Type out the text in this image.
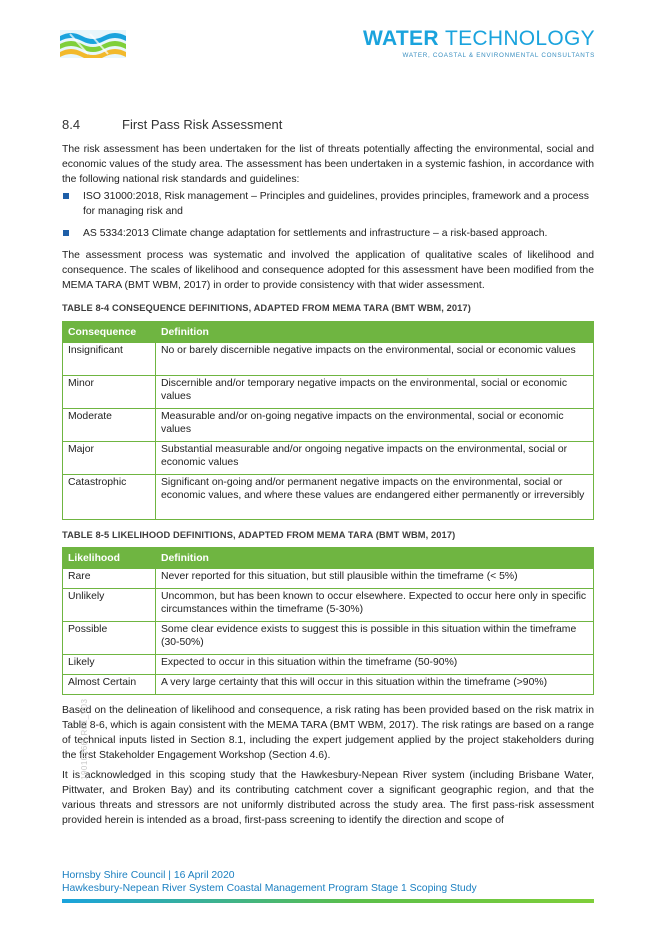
WATER TECHNOLOGY
WATER, COASTAL & ENVIRONMENTAL CONSULTANTS
8.4	First Pass Risk Assessment
The risk assessment has been undertaken for the list of threats potentially affecting the environmental, social and economic values of the study area. The assessment has been undertaken in a systemic fashion, in accordance with the following national risk standards and guidelines:
ISO 31000:2018, Risk management – Principles and guidelines, provides principles, framework and a process for managing risk and
AS 5334:2013 Climate change adaptation for settlements and infrastructure – a risk-based approach.
The assessment process was systematic and involved the application of qualitative scales of likelihood and consequence. The scales of likelihood and consequence adopted for this assessment have been modified from the MEMA TARA (BMT WBM, 2017) in order to provide consistency with that wider assessment.
TABLE 8-4 CONSEQUENCE DEFINITIONS, ADAPTED FROM MEMA TARA (BMT WBM, 2017)
Consequence	Definition
Insignificant	No or barely discernible negative impacts on the environmental, social or economic values
Minor	Discernible and/or temporary negative impacts on the environmental, social or economic values
Moderate	Measurable and/or on-going negative impacts on the environmental, social or economic values
Major	Substantial measurable and/or ongoing negative impacts on the environmental, social or economic values
Catastrophic	Significant on-going and/or permanent negative impacts on the environmental, social or economic values, and where these values are endangered either permanently or irreversibly
TABLE 8-5 LIKELIHOOD DEFINITIONS, ADAPTED FROM MEMA TARA (BMT WBM, 2017)
Likelihood	Definition
Rare	Never reported for this situation, but still plausible within the timeframe (< 5%)
Unlikely	Uncommon, but has been known to occur elsewhere. Expected to occur here only in specific circumstances within the timeframe (5-30%)
Possible	Some clear evidence exists to suggest this is possible in this situation within the timeframe (30-50%)
Likely	Expected to occur in this situation within the timeframe (50-90%)
Almost Certain	A very large certainty that this will occur in this situation within the timeframe (>90%)
Based on the delineation of likelihood and consequence, a risk rating has been provided based on the risk matrix in Table 8-6, which is again consistent with the MEMA TARA (BMT WBM, 2017). The risk ratings are based on a range of technical inputs listed in Section 8.1, including the expert judgement applied by the project stakeholders during the first Stakeholder Engagement Workshop (Section 4.6).
It is acknowledged in this scoping study that the Hawkesbury-Nepean River system (including Brisbane Water, Pittwater, and Broken Bay) and its contributing catchment cover a significant geographic region, and that the various threats and stressors are not uniformly distributed across the study area. The first pass-risk assessment provided herein is intended as a broad, first-pass screening to identify the direction and scope of
19010166_R01_V03
Hornsby Shire Council | 16 April 2020
Hawkesbury-Nepean River System Coastal Management Program Stage 1 Scoping Study
